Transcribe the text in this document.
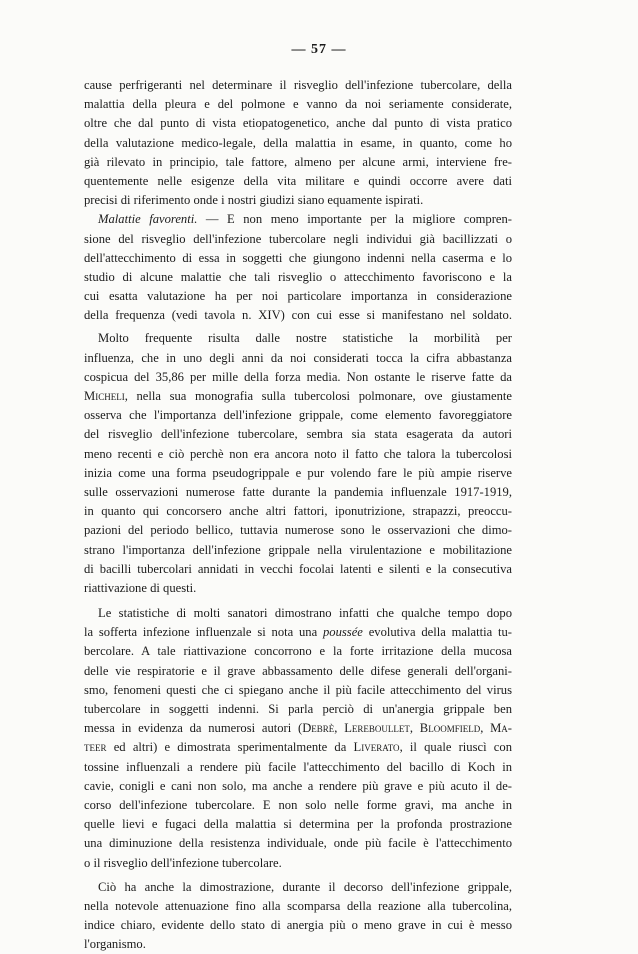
— 57 —
cause perfrigeranti nel determinare il risveglio dell'infezione tubercolare, della
malattia della pleura e del polmone e vanno da noi seriamente considerate,
oltre che dal punto di vista etiopatogenetico, anche dal punto di vista pratico
della valutazione medico-legale, della malattia in esame, in quanto, come ho
già rilevato in principio, tale fattore, almeno per alcune armi, interviene fre-
quentemente nelle esigenze della vita militare e quindi occorre avere dati
precisi di riferimento onde i nostri giudizi siano equamente ispirati.
Malattie favorenti. — E non meno importante per la migliore compren-
sione del risveglio dell'infezione tubercolare negli individui già bacillizzati o
dell'attecchimento di essa in soggetti che giungono indenni nella caserma e lo
studio di alcune malattie che tali risveglio o attecchimento favoriscono e la
cui esatta valutazione ha per noi particolare importanza in considerazione
della frequenza (vedi tavola n. XIV) con cui esse si manifestano nel soldato.
Molto frequente risulta dalle nostre statistiche la morbilità per
influenza, che in uno degli anni da noi considerati tocca la cifra abbastanza
cospicua del 35,86 per mille della forza media. Non ostante le riserve fatte da
Micheli, nella sua monografia sulla tubercolosi polmonare, ove giustamente
osserva che l'importanza dell'infezione grippale, come elemento favoreggiatore
del risveglio dell'infezione tubercolare, sembra sia stata esagerata da autori
meno recenti e ciò perchè non era ancora noto il fatto che talora la tubercolosi
inizia come una forma pseudogrippale e pur volendo fare le più ampie riserve
sulle osservazioni numerose fatte durante la pandemia influenzale 1917-1919,
in quanto qui concorsero anche altri fattori, iponutrizione, strapazzi, preoccu-
pazioni del periodo bellico, tuttavia numerose sono le osservazioni che dimo-
strano l'importanza dell'infezione grippale nella virulentazione e mobilitazione
di bacilli tubercolari annidati in vecchi focolai latenti e silenti e la consecutiva
riattivazione di questi.
Le statistiche di molti sanatori dimostrano infatti che qualche tempo dopo
la sofferta infezione influenzale si nota una poussée evolutiva della malattia tu-
bercolare. A tale riattivazione concorrono e la forte irritazione della mucosa
delle vie respiratorie e il grave abbassamento delle difese generali dell'organi-
smo, fenomeni questi che ci spiegano anche il più facile attecchimento del virus
tubercolare in soggetti indenni. Si parla perciò di un'anergia grippale ben
messa in evidenza da numerosi autori (Debrè, Lereboullet, Bloomfield, Ma-
teer ed altri) e dimostrata sperimentalmente da Liverato, il quale riuscì con
tossine influenzali a rendere più facile l'attecchimento del bacillo di Koch in
cavie, conigli e cani non solo, ma anche a rendere più grave e più acuto il de-
corso dell'infezione tubercolare. E non solo nelle forme gravi, ma anche in
quelle lievi e fugaci della malattia si determina per la profonda prostrazione
una diminuzione della resistenza individuale, onde più facile è l'attecchimento
o il risveglio dell'infezione tubercolare.
Ciò ha anche la dimostrazione, durante il decorso dell'infezione grippale,
nella notevole attenuazione fino alla scomparsa della reazione alla tubercolina,
indice chiaro, evidente dello stato di anergia più o meno grave in cui è messo
l'organismo.
